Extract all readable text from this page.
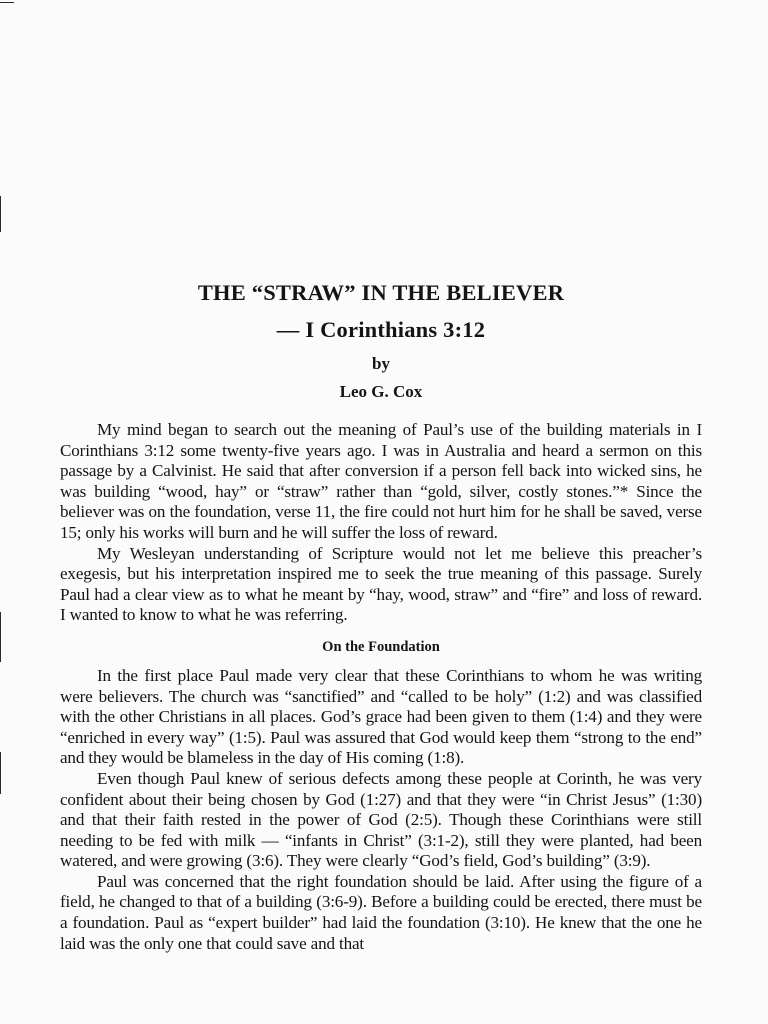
THE “STRAW” IN THE BELIEVER
— I Corinthians 3:12
by
Leo G. Cox

My mind began to search out the meaning of Paul’s use of the building materials in I Corinthians 3:12 some twenty-five years ago. I was in Australia and heard a sermon on this passage by a Calvinist. He said that after conversion if a person fell back into wicked sins, he was building “wood, hay” or “straw” rather than “gold, silver, costly stones.”* Since the believer was on the foundation, verse 11, the fire could not hurt him for he shall be saved, verse 15; only his works will burn and he will suffer the loss of reward.

My Wesleyan understanding of Scripture would not let me believe this preacher’s exegesis, but his interpretation inspired me to seek the true meaning of this passage. Surely Paul had a clear view as to what he meant by “hay, wood, straw” and “fire” and loss of reward. I wanted to know to what he was referring.

On the Foundation

In the first place Paul made very clear that these Corinthians to whom he was writing were believers. The church was “sanctified” and “called to be holy” (1:2) and was classified with the other Christians in all places. God’s grace had been given to them (1:4) and they were “enriched in every way” (1:5). Paul was assured that God would keep them “strong to the end” and they would be blameless in the day of His coming (1:8).

Even though Paul knew of serious defects among these people at Corinth, he was very confident about their being chosen by God (1:27) and that they were “in Christ Jesus” (1:30) and that their faith rested in the power of God (2:5). Though these Corinthians were still needing to be fed with milk — “infants in Christ” (3:1-2), still they were planted, had been watered, and were growing (3:6). They were clearly “God’s field, God’s building” (3:9).

Paul was concerned that the right foundation should be laid. After using the figure of a field, he changed to that of a building (3:6-9). Before a building could be erected, there must be a foundation. Paul as “expert builder” had laid the foundation (3:10). He knew that the one he laid was the only one that could save and that
